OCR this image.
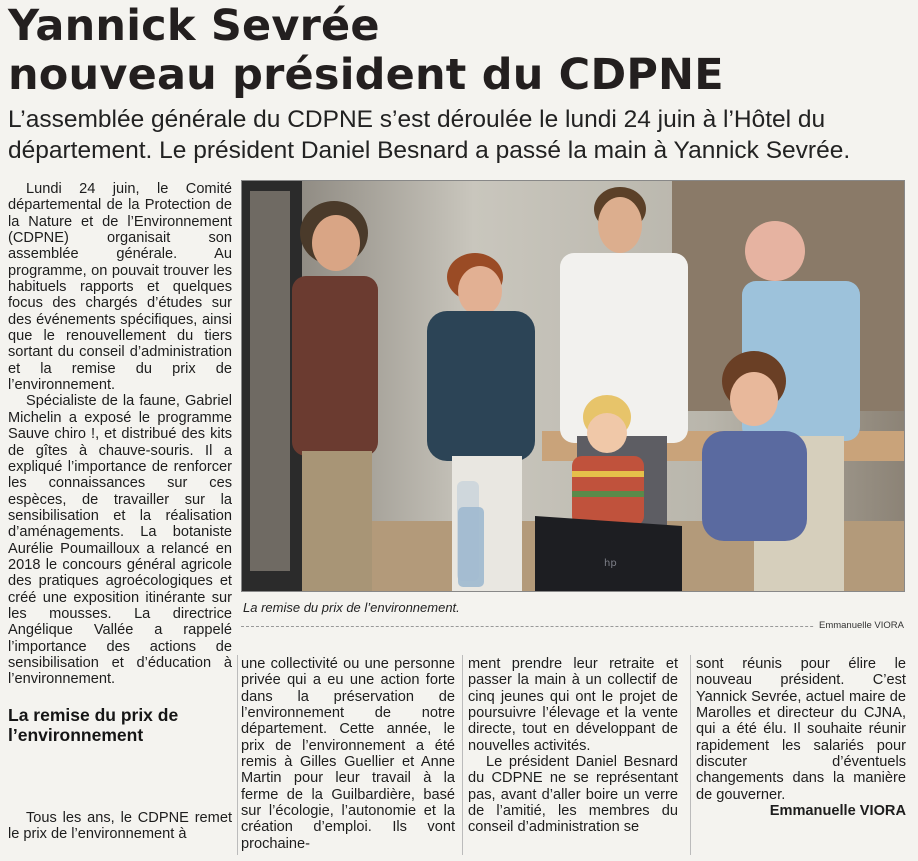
Yannick Sevrée
nouveau président du CDPNE
L’assemblée générale du CDPNE s’est déroulée le lundi 24 juin à l’Hôtel du département. Le président Daniel Besnard a passé la main à Yannick Sevrée.

Lundi 24 juin, le Comité départemental de la Protection de la Nature et de l’Environnement (CDPNE) organisait son assemblée générale. Au programme, on pouvait trouver les habituels rapports et quelques focus des chargés d’études sur des événements spécifiques, ainsi que le renouvellement du tiers sortant du conseil d’administration et la remise du prix de l’environnement.

Spécialiste de la faune, Gabriel Michelin a exposé le programme Sauve chiro !, et distribué des kits de gîtes à chauve-souris. Il a expliqué l’importance de renforcer les connaissances sur ces espèces, de travailler sur la sensibilisation et la réalisation d’aménagements. La botaniste Aurélie Poumailloux a relancé en 2018 le concours général agricole des pratiques agroécologiques et créé une exposition itinérante sur les mousses. La directrice Angélique Vallée a rappelé l’importance des actions de sensibilisation et d’éducation à l’environnement.

La remise du prix de l’environnement

Tous les ans, le CDPNE remet le prix de l’environnement à

hp
La remise du prix de l’environnement.
Emmanuelle VIORA

une collectivité ou une personne privée qui a eu une action forte dans la préservation de l’environnement de notre département. Cette année, le prix de l’environnement a été remis à Gilles Guellier et Anne Martin pour leur travail à la ferme de la Guilbardière, basé sur l’écologie, l’autonomie et la création d’emploi. Ils vont prochaine-

ment prendre leur retraite et passer la main à un collectif de cinq jeunes qui ont le projet de poursuivre l’élevage et la vente directe, tout en développant de nouvelles activités.

Le président Daniel Besnard du CDPNE ne se représentant pas, avant d’aller boire un verre de l’amitié, les membres du conseil d’administration se

sont réunis pour élire le nouveau président. C’est Yannick Sevrée, actuel maire de Marolles et directeur du CJNA, qui a été élu. Il souhaite réunir rapidement les salariés pour discuter d’éventuels changements dans la manière de gouverner.

Emmanuelle VIORA
